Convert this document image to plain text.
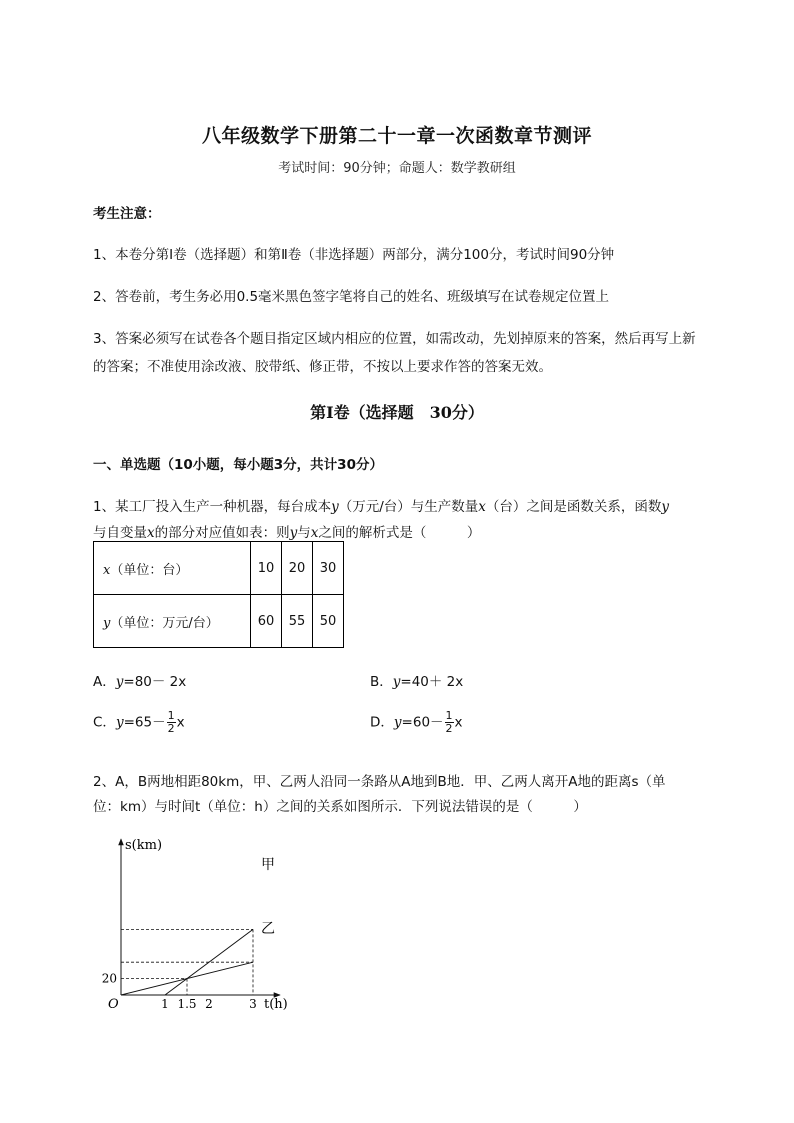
八年级数学下册第二十一章一次函数章节测评
考试时间：90分钟；命题人：数学教研组
考生注意：
1、本卷分第I卷（选择题）和第Ⅱ卷（非选择题）两部分，满分100分，考试时间90分钟
2、答卷前，考生务必用0.5毫米黑色签字笔将自己的姓名、班级填写在试卷规定位置上
3、答案必须写在试卷各个题目指定区域内相应的位置，如需改动，先划掉原来的答案，然后再写上新
的答案；不准使用涂改液、胶带纸、修正带，不按以上要求作答的答案无效。
第I卷（选择题　30分）
一、单选题（10小题，每小题3分，共计30分）
1、某工厂投入生产一种机器，每台成本y（万元/台）与生产数量x（台）之间是函数关系，函数y
与自变量x的部分对应值如表：则y与x之间的解析式是（　　　）
x（单位：台）	10	20	30
y（单位：万元/台）	60	55	50
A．y=80－ 2x	B．y=40＋ 2x
C．$y=65- \frac{1}{2}$ x	D．$y=60- \frac{1}{2}$ x
2、A，B两地相距80km，甲、乙两人沿同一条路从A地到B地．甲、乙两人离开A地的距离s（单
位：km）与时间t（单位：h）之间的关系如图所示．下列说法错误的是（　　　）
s(km)
t(h)
O	1 1.5 2	3
20
甲
乙
